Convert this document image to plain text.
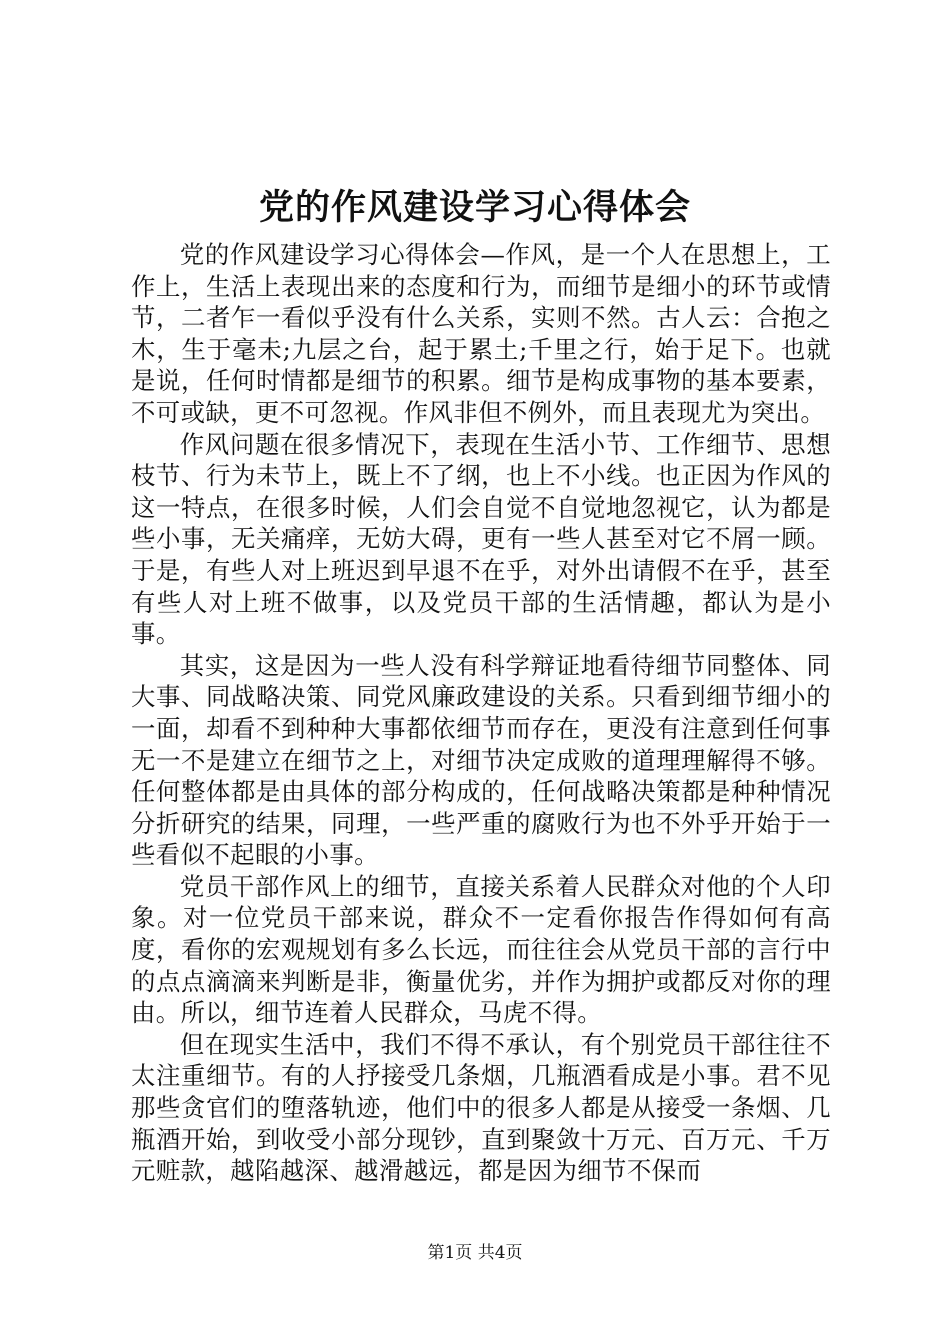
党的作风建设学习心得体会

党的作风建设学习心得体会—作风，是一个人在思想上，工作上，生活上表现出来的态度和行为，而细节是细小的环节或情节，二者乍一看似乎没有什么关系，实则不然。古人云：合抱之木，生于毫未;九层之台，起于累土;千里之行，始于足下。也就是说，任何时情都是细节的积累。细节是构成事物的基本要素，不可或缺，更不可忽视。作风非但不例外，而且表现尤为突出。

作风问题在很多情况下，表现在生活小节、工作细节、思想枝节、行为未节上，既上不了纲，也上不小线。也正因为作风的这一特点，在很多时候，人们会自觉不自觉地忽视它，认为都是些小事，无关痛痒，无妨大碍，更有一些人甚至对它不屑一顾。于是，有些人对上班迟到早退不在乎，对外出请假不在乎，甚至有些人对上班不做事，以及党员干部的生活情趣，都认为是小事。

其实，这是因为一些人没有科学辩证地看待细节同整体、同大事、同战略决策、同党风廉政建设的关系。只看到细节细小的一面，却看不到种种大事都依细节而存在，更没有注意到任何事无一不是建立在细节之上，对细节决定成败的道理理解得不够。任何整体都是由具体的部分构成的，任何战略决策都是种种情况分折研究的结果，同理，一些严重的腐败行为也不外乎开始于一些看似不起眼的小事。

党员干部作风上的细节，直接关系着人民群众对他的个人印象。对一位党员干部来说，群众不一定看你报告作得如何有高度，看你的宏观规划有多么长远，而往往会从党员干部的言行中的点点滴滴来判断是非，衡量优劣，并作为拥护或都反对你的理由。所以，细节连着人民群众，马虎不得。

但在现实生活中，我们不得不承认，有个别党员干部往往不太注重细节。有的人抒接受几条烟，几瓶酒看成是小事。君不见那些贪官们的堕落轨迹，他们中的很多人都是从接受一条烟、几瓶酒开始，到收受小部分现钞，直到聚敛十万元、百万元、千万元赃款，越陷越深、越滑越远，都是因为细节不保而

第1页 共4页
